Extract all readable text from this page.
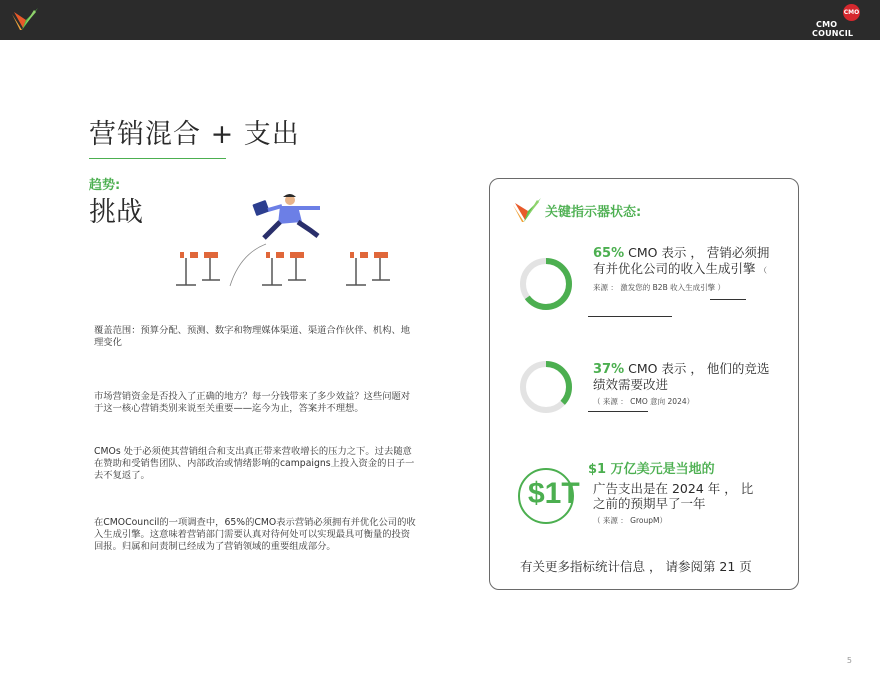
CMO
CMO
COUNCIL
营销混合 + 支出
趋势:
挑战
覆盖范围：预算分配、预测、数字和物理媒体渠道、渠道合作伙伴、机构、地理变化
市场营销资金是否投入了正确的地方？每一分钱带来了多少效益？这些问题对于这一核心营销类别来说至关重要——迄今为止，答案并不理想。
CMOs 处于必须使其营销组合和支出真正带来营收增长的压力之下。过去随意在赞助和受销售团队、内部政治或情绪影响的campaigns上投入资金的日子一去不复返了。
在CMOCouncil的一项调查中，65%的CMO表示营销必须拥有并优化公司的收入生成引擎。这意味着营销部门需要认真对待何处可以实现最具可衡量的投资回报。归属和问责制已经成为了营销领域的重要组成部分。
关键指示器状态:
65% CMO 表示 ， 营销必须拥有并优化公司的收入生成引擎 （ 来源 ： 激发您的 B2B 收入生成引擎 ）
37% CMO 表示 ， 他们的竞选绩效需要改进 （ 来源 ： CMO 意向 2024）
$1 万亿美元是当地的
$1T 广告支出是在 2024 年 ， 比之前的预期早了一年
（ 来源 ： GroupM）
有关更多指标统计信息 ， 请参阅第 21 页
5
